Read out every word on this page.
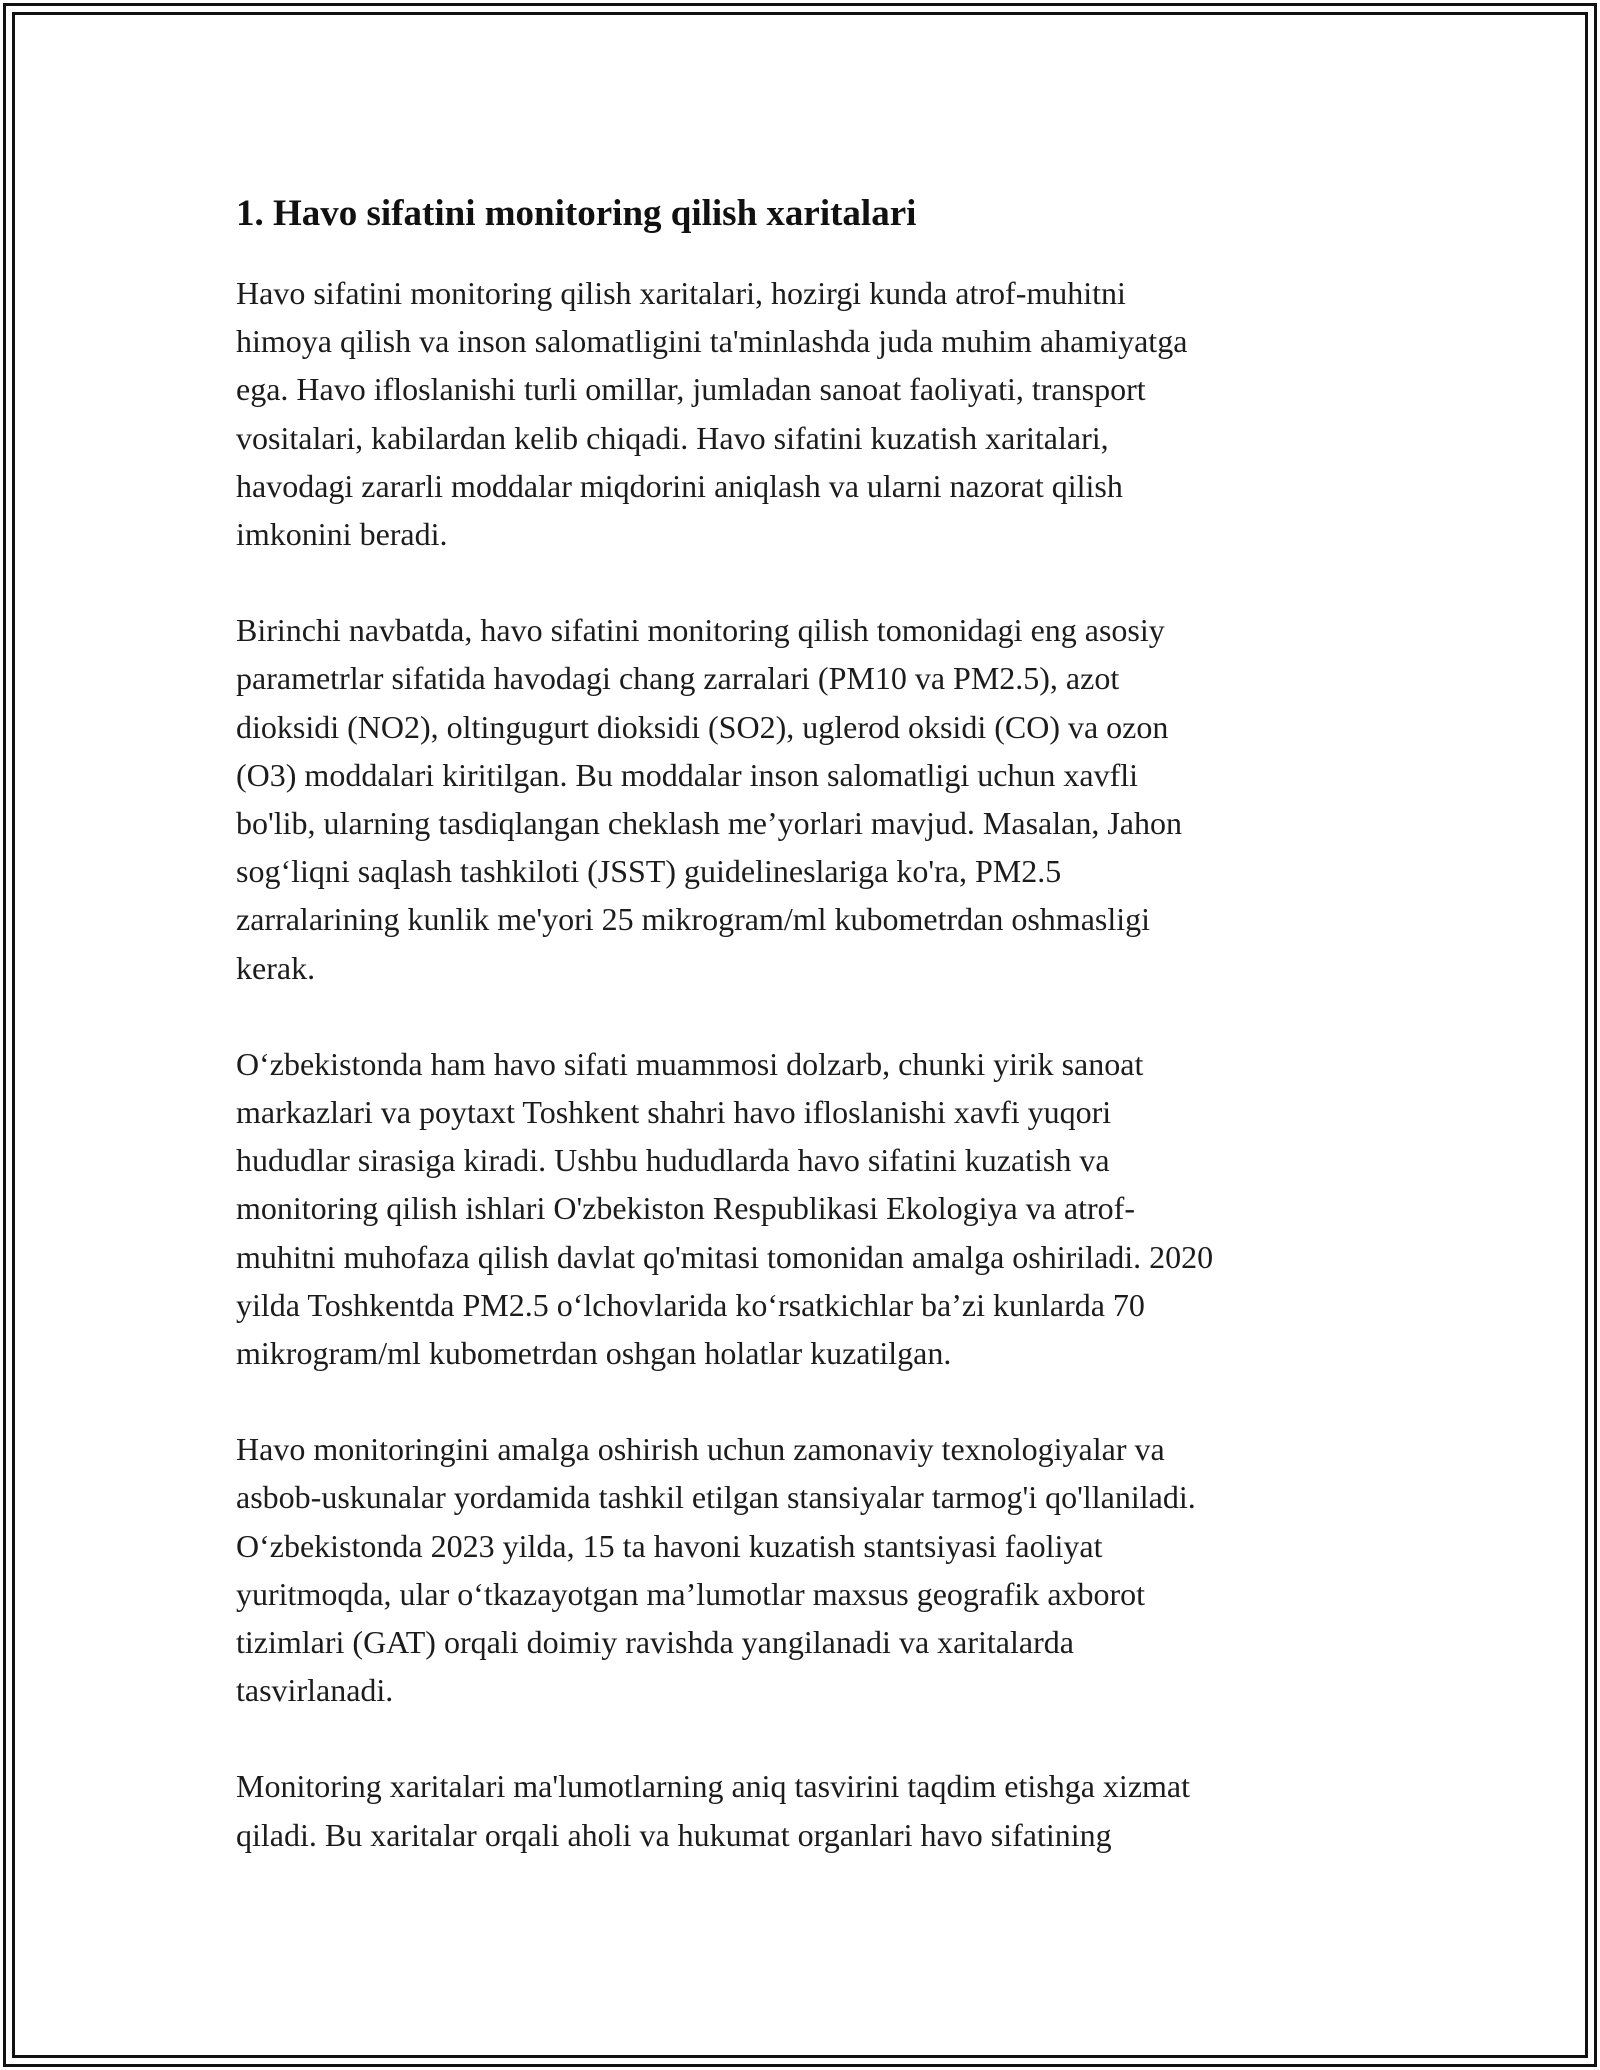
1. Havo sifatini monitoring qilish xaritalari

Havo sifatini monitoring qilish xaritalari, hozirgi kunda atrof-muhitni
himoya qilish va inson salomatligini ta'minlashda juda muhim ahamiyatga
ega. Havo ifloslanishi turli omillar, jumladan sanoat faoliyati, transport
vositalari, kabilardan kelib chiqadi. Havo sifatini kuzatish xaritalari,
havodagi zararli moddalar miqdorini aniqlash va ularni nazorat qilish
imkonini beradi.

Birinchi navbatda, havo sifatini monitoring qilish tomonidagi eng asosiy
parametrlar sifatida havodagi chang zarralari (PM10 va PM2.5), azot
dioksidi (NO2), oltingugurt dioksidi (SO2), uglerod oksidi (CO) va ozon
(O3) moddalari kiritilgan. Bu moddalar inson salomatligi uchun xavfli
bo'lib, ularning tasdiqlangan cheklash me’yorlari mavjud. Masalan, Jahon
sog‘liqni saqlash tashkiloti (JSST) guidelineslariga ko'ra, PM2.5
zarralarining kunlik me'yori 25 mikrogram/ml kubometrdan oshmasligi
kerak.

O‘zbekistonda ham havo sifati muammosi dolzarb, chunki yirik sanoat
markazlari va poytaxt Toshkent shahri havo ifloslanishi xavfi yuqori
hududlar sirasiga kiradi. Ushbu hududlarda havo sifatini kuzatish va
monitoring qilish ishlari O'zbekiston Respublikasi Ekologiya va atrof-
muhitni muhofaza qilish davlat qo'mitasi tomonidan amalga oshiriladi. 2020
yilda Toshkentda PM2.5 o‘lchovlarida ko‘rsatkichlar ba’zi kunlarda 70
mikrogram/ml kubometrdan oshgan holatlar kuzatilgan.

Havo monitoringini amalga oshirish uchun zamonaviy texnologiyalar va
asbob-uskunalar yordamida tashkil etilgan stansiyalar tarmog'i qo'llaniladi.
O‘zbekistonda 2023 yilda, 15 ta havoni kuzatish stantsiyasi faoliyat
yuritmoqda, ular o‘tkazayotgan ma’lumotlar maxsus geografik axborot
tizimlari (GAT) orqali doimiy ravishda yangilanadi va xaritalarda
tasvirlanadi.

Monitoring xaritalari ma'lumotlarning aniq tasvirini taqdim etishga xizmat
qiladi. Bu xaritalar orqali aholi va hukumat organlari havo sifatining
